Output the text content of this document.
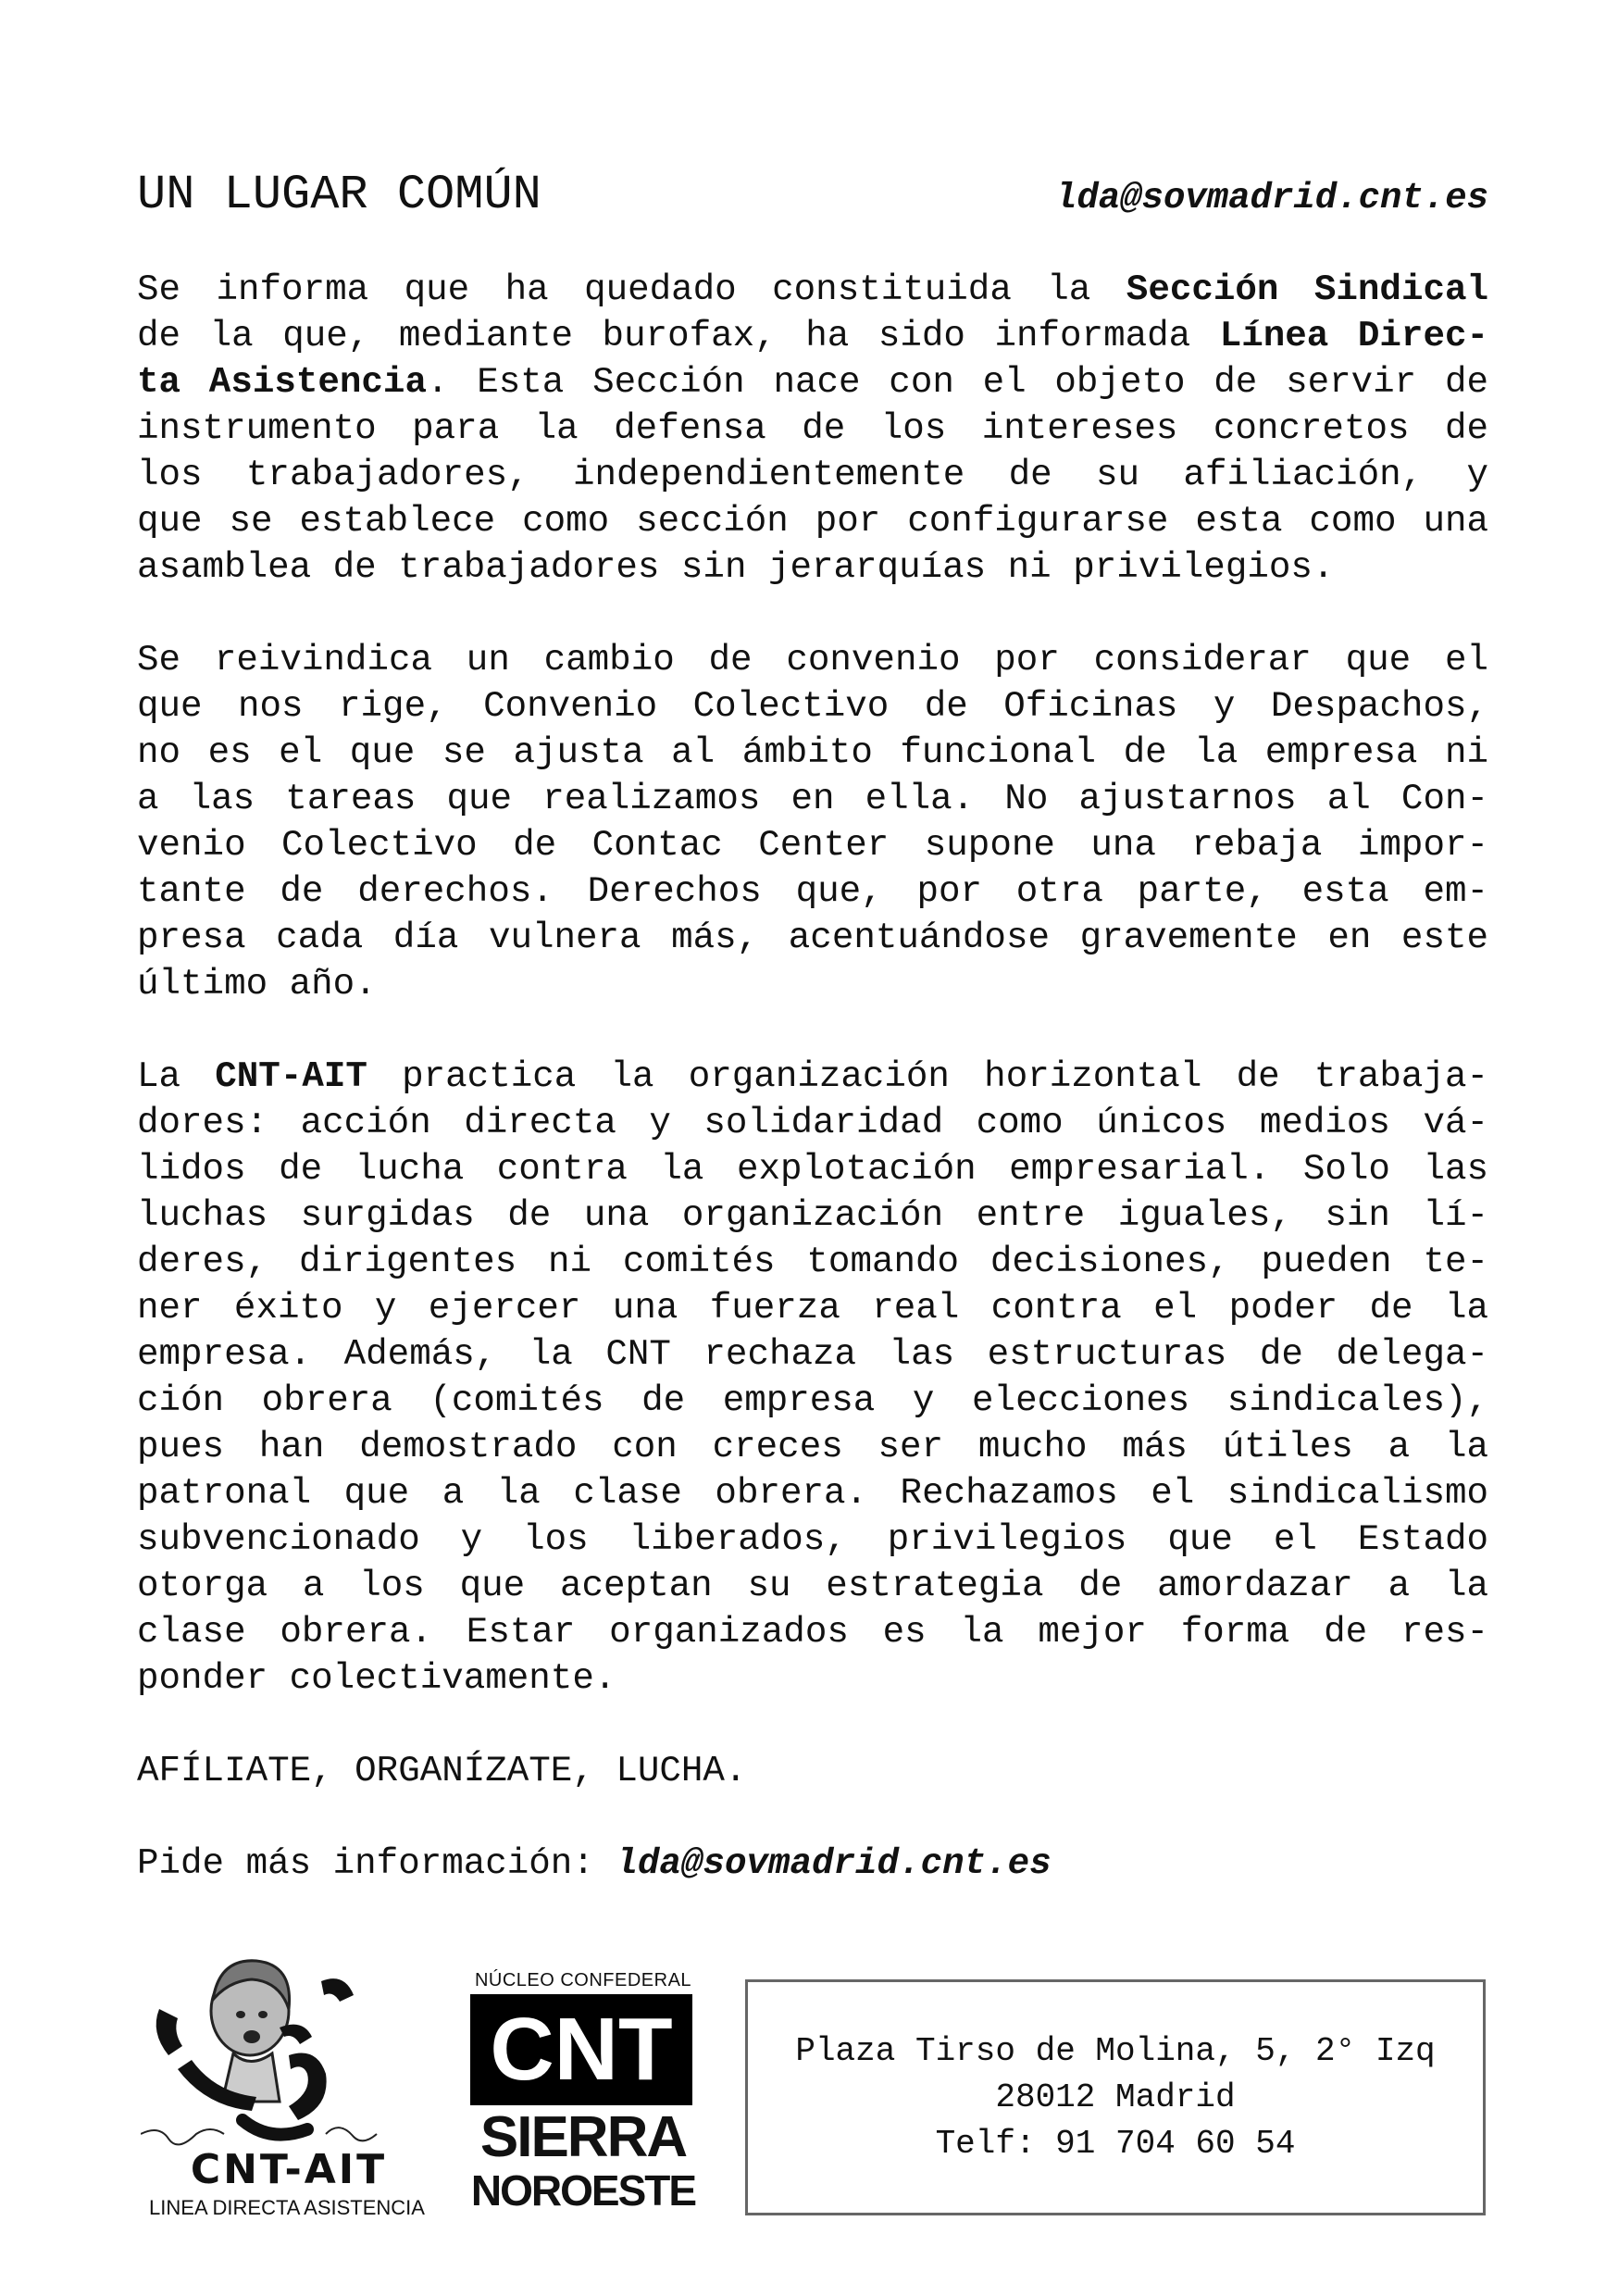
UN LUGAR COMÚN	lda@sovmadrid.cnt.es

Se informa que ha quedado constituida la Sección Sindical
de la que, mediante burofax, ha sido informada Línea Direc-
ta Asistencia. Esta Sección nace con el objeto de servir de
instrumento para la defensa de los intereses concretos de
los trabajadores, independientemente de su afiliación, y
que se establece como sección por configurarse esta como una
asamblea de trabajadores sin jerarquías ni privilegios.

Se reivindica un cambio de convenio por considerar que el
que nos rige, Convenio Colectivo de Oficinas y Despachos,
no es el que se ajusta al ámbito funcional de la empresa ni
a las tareas que realizamos en ella. No ajustarnos al Con-
venio Colectivo de Contac Center supone una rebaja impor-
tante de derechos. Derechos que, por otra parte, esta em-
presa cada día vulnera más, acentuándose gravemente en este
último año.

La CNT-AIT practica la organización horizontal de trabaja-
dores: acción directa y solidaridad como únicos medios vá-
lidos de lucha contra la explotación empresarial. Solo las
luchas surgidas de una organización entre iguales, sin lí-
deres, dirigentes ni comités tomando decisiones, pueden te-
ner éxito y ejercer una fuerza real contra el poder de la
empresa. Además, la CNT rechaza las estructuras de delega-
ción obrera (comités de empresa y elecciones sindicales),
pues han demostrado con creces ser mucho más útiles a la
patronal que a la clase obrera. Rechazamos el sindicalismo
subvencionado y los liberados, privilegios que el Estado
otorga a los que aceptan su estrategia de amordazar a la
clase obrera. Estar organizados es la mejor forma de res-
ponder colectivamente.

AFÍLIATE, ORGANÍZATE, LUCHA.

Pide más información: lda@sovmadrid.cnt.es

CNT-AIT
LINEA DIRECTA ASISTENCIA
NÚCLEO CONFEDERAL
CNT
SIERRA
NOROESTE
Plaza Tirso de Molina, 5, 2° Izq
28012 Madrid
Telf: 91 704 60 54
